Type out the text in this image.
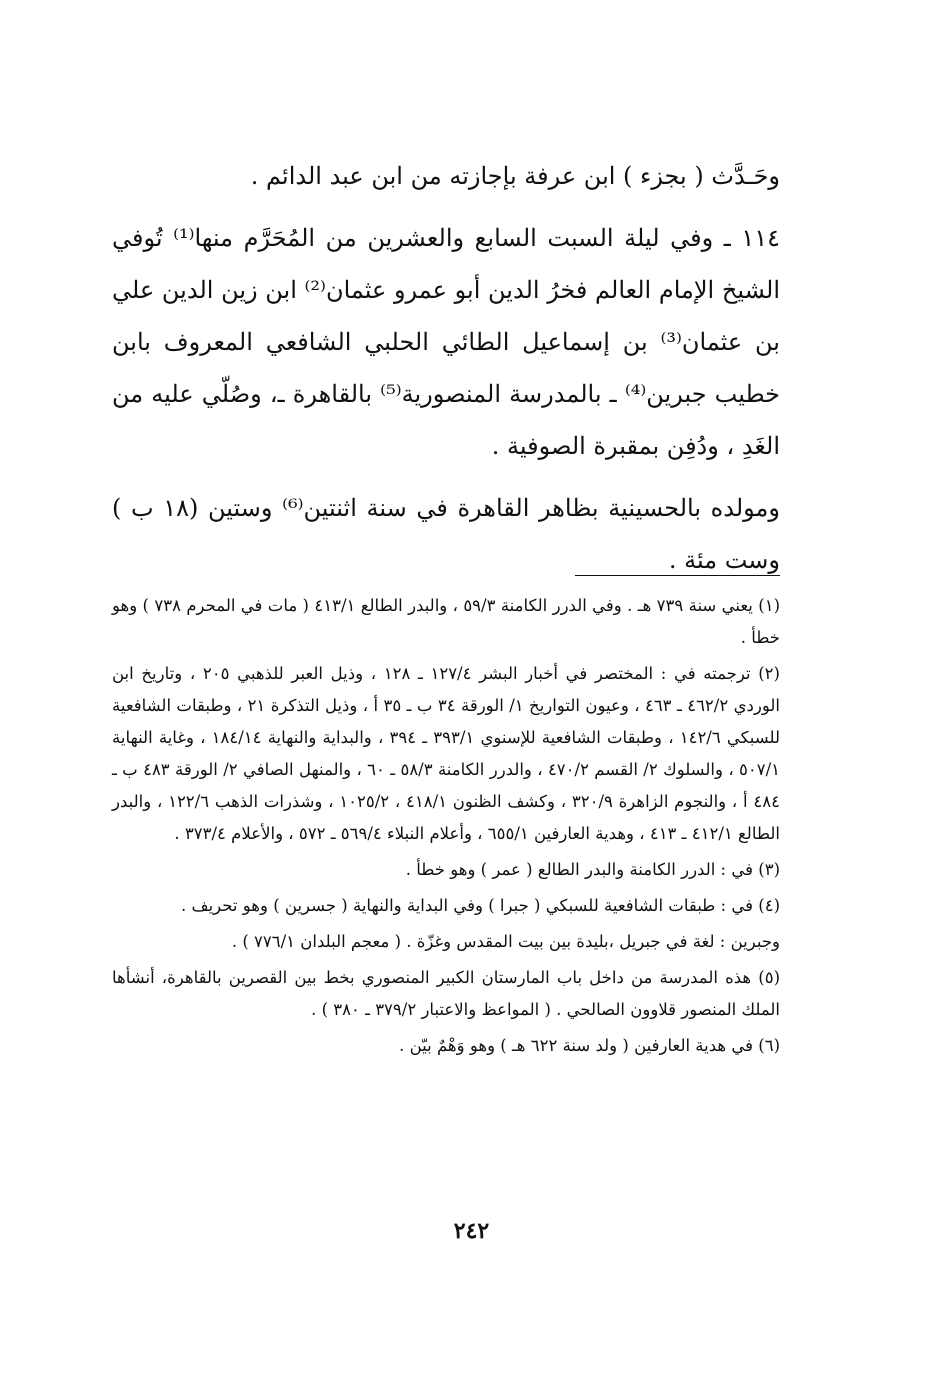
وحَـدَّث ( بجزء ) ابن عرفة بإجازته من ابن عبد الدائم .

١١٤ ـ وفي ليلة السبت السابع والعشرين من المُحَرَّم منها⁽¹⁾ تُوفي الشيخ الإمام العالم فخرُ الدين أبو عمرو عثمان⁽²⁾ ابن زين الدين علي بن عثمان⁽³⁾ بن إسماعيل الطائي الحلبي الشافعي المعروف بابن خطيب جبرين⁽⁴⁾ ـ بالمدرسة المنصورية⁽⁵⁾ بالقاهرة ـ، وصُلّي عليه من الغَدِ ، ودُفِن بمقبرة الصوفية .

ومولده بالحسينية بظاهر القاهرة في سنة اثنتين⁽⁶⁾ وستين (١٨ ب ) وست مئة .

(١) يعني سنة ٧٣٩ هـ . وفي الدرر الكامنة ٥٩/٣ ، والبدر الطالع ٤١٣/١ ( مات في المحرم ٧٣٨ ) وهو خطأ .

(٢) ترجمته في : المختصر في أخبار البشر ١٢٧/٤ ـ ١٢٨ ، وذيل العبر للذهبي ٢٠٥ ، وتاريخ ابن الوردي ٤٦٢/٢ ـ ٤٦٣ ، وعيون التواريخ ١/ الورقة ٣٤ ب ـ ٣٥ أ ، وذيل التذكرة ٢١ ، وطبقات الشافعية للسبكي ١٤٢/٦ ، وطبقات الشافعية للإسنوي ٣٩٣/١ ـ ٣٩٤ ، والبداية والنهاية ١٨٤/١٤ ، وغاية النهاية ٥٠٧/١ ، والسلوك ٢/ القسم ٤٧٠/٢ ، والدرر الكامنة ٥٨/٣ ـ ٦٠ ، والمنهل الصافي ٢/ الورقة ٤٨٣ ب ـ ٤٨٤ أ ، والنجوم الزاهرة ٣٢٠/٩ ، وكشف الظنون ٤١٨/١ ، ١٠٢٥/٢ ، وشذرات الذهب ١٢٢/٦ ، والبدر الطالع ٤١٢/١ ـ ٤١٣ ، وهدية العارفين ٦٥٥/١ ، وأعلام النبلاء ٥٦٩/٤ ـ ٥٧٢ ، والأعلام ٣٧٣/٤ .

(٣) في : الدرر الكامنة والبدر الطالع ( عمر ) وهو خطأ .

(٤) في : طبقات الشافعية للسبكي ( جبرا ) وفي البداية والنهاية ( جسرين ) وهو تحريف .

وجبرين : لغة في جبريل ،بليدة بين بيت المقدس وغزّة . ( معجم البلدان ٧٧٦/١ ) .

(٥) هذه المدرسة من داخل باب المارستان الكبير المنصوري بخط بين القصرين بالقاهرة، أنشأها الملك المنصور قلاوون الصالحي . ( المواعظ والاعتبار ٣٧٩/٢ ـ ٣٨٠ ) .

(٦) في هدية العارفين ( ولد سنة ٦٢٢ هـ ) وهو وَهْمٌ بيّن .

٢٤٢
